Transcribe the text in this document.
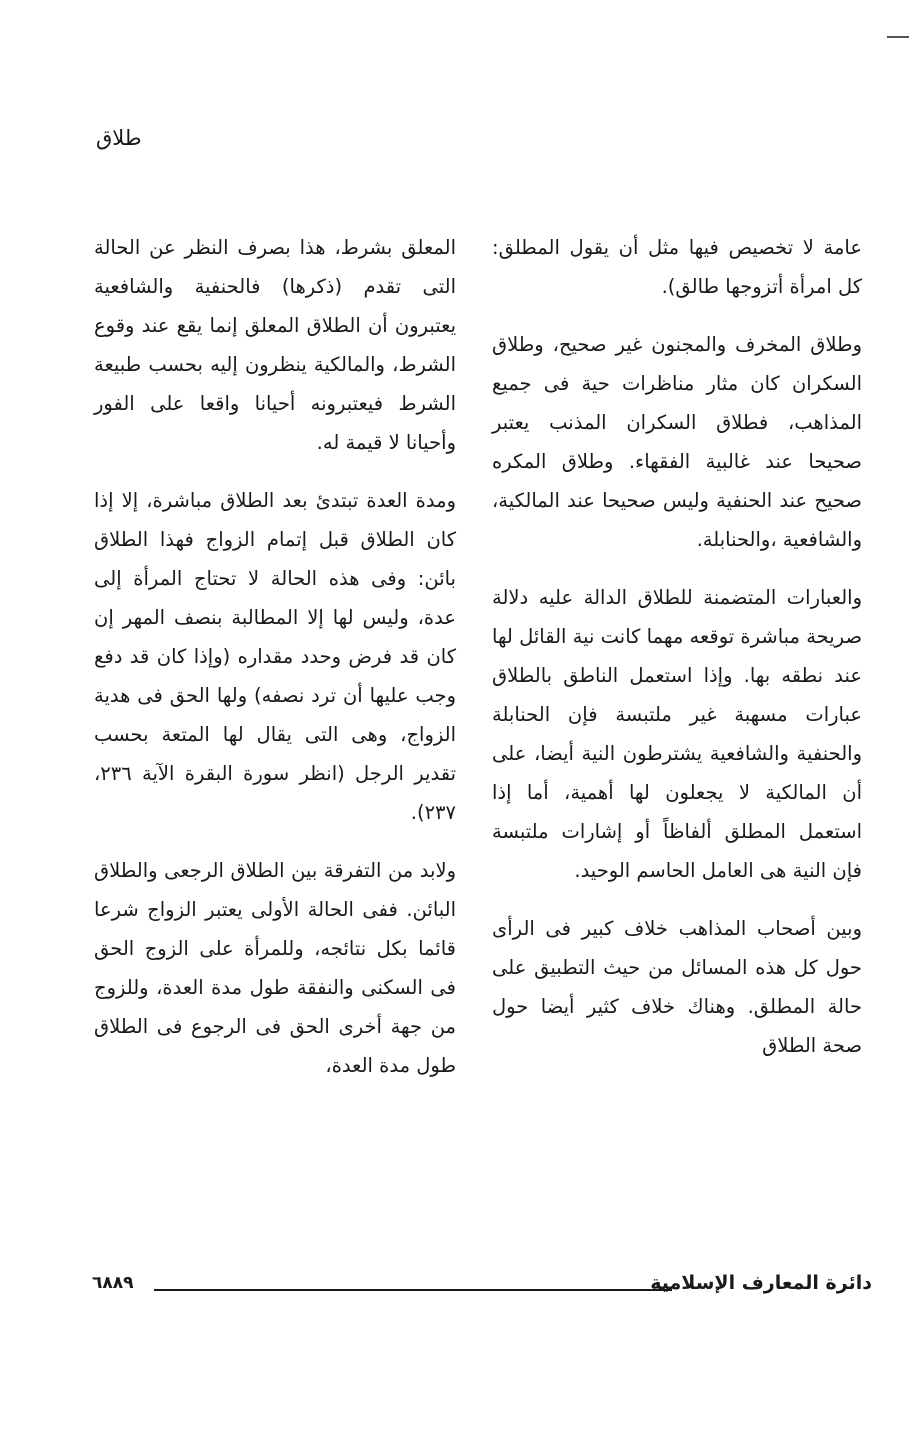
طلاق

عامة لا تخصيص فيها مثل أن يقول المطلق: كل امرأة أتزوجها طالق).

وطلاق المخرف والمجنون غير صحيح، وطلاق السكران كان مثار مناظرات حية فى جميع المذاهب، فطلاق السكران المذنب يعتبر صحيحا عند غالبية الفقهاء. وطلاق المكره صحيح عند الحنفية وليس صحيحا عند المالكية، والشافعية ،والحنابلة.

والعبارات المتضمنة للطلاق الدالة عليه دلالة صريحة مباشرة توقعه مهما كانت نية القائل لها عند نطقه بها. وإذا استعمل الناطق بالطلاق عبارات مسهبة غير ملتبسة فإن الحنابلة والحنفية والشافعية يشترطون النية أيضا، على أن المالكية لا يجعلون لها أهمية، أما إذا استعمل المطلق ألفاظاً أو إشارات ملتبسة فإن النية هى العامل الحاسم الوحيد.

وبين أصحاب المذاهب خلاف كبير فى الرأى حول كل هذه المسائل من حيث التطبيق على حالة المطلق. وهناك خلاف كثير أيضا حول صحة الطلاق

المعلق بشرط، هذا بصرف النظر عن الحالة التى تقدم (ذكرها) فالحنفية والشافعية يعتبرون أن الطلاق المعلق إنما يقع عند وقوع الشرط، والمالكية ينظرون إليه بحسب طبيعة الشرط فيعتبرونه أحيانا واقعا على الفور وأحيانا لا قيمة له.

ومدة العدة تبتدئ بعد الطلاق مباشرة، إلا إذا كان الطلاق قبل إتمام الزواج فهذا الطلاق بائن: وفى هذه الحالة لا تحتاج المرأة إلى عدة، وليس لها إلا المطالبة بنصف المهر إن كان قد فرض وحدد مقداره (وإذا كان قد دفع وجب عليها أن ترد نصفه) ولها الحق فى هدية الزواج، وهى التى يقال لها المتعة بحسب تقدير الرجل (انظر سورة البقرة الآية ٢٣٦، ٢٣٧).

ولابد من التفرقة بين الطلاق الرجعى والطلاق البائن. ففى الحالة الأولى يعتبر الزواج شرعا قائما بكل نتائجه، وللمرأة على الزوج الحق فى السكنى والنفقة طول مدة العدة، وللزوج من جهة أخرى الحق فى الرجوع فى الطلاق طول مدة العدة،

دائرة المعارف الإسلامية
٦٨٨٩
